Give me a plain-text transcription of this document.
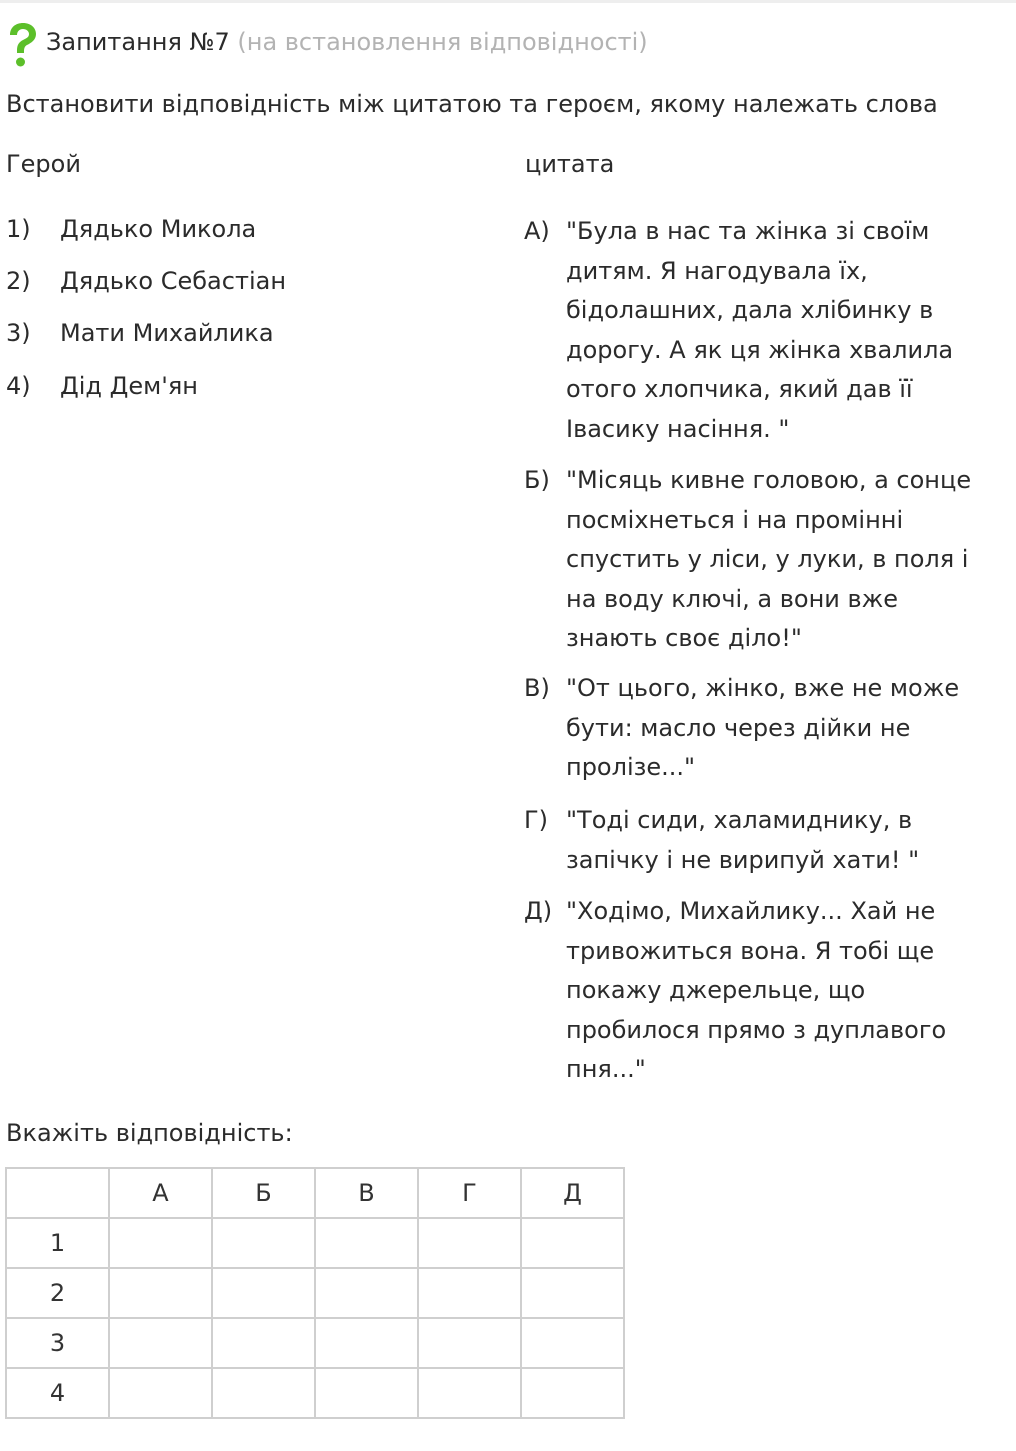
Запитання №7 (на встановлення відповідності)
Встановити відповідність між цитатою та героєм, якому належать слова
Герой	цитата
1) Дядько Микола
2) Дядько Себастіан
3) Мати Михайлика
4) Дід Дем'ян
А) "Була в нас та жінка зі своїм
дитям. Я нагодувала їх,
бідолашних, дала хлібинку в
дорогу. А як ця жінка хвалила
отого хлопчика, який дав її
Івасику насіння. "
Б) "Місяць кивне головою, а сонце
посміхнеться і на промінні
спустить у ліси, у луки, в поля і
на воду ключі, а вони вже
знають своє діло!"
В) "От цього, жінко, вже не може
бути: масло через дійки не
пролізе..."
Г) "Тоді сиди, халамиднику, в
запічку і не вирипуй хати! "
Д) "Ходімо, Михайлику... Хай не
тривожиться вона. Я тобі ще
покажу джерельце, що
пробилося прямо з дуплавого
пня..."
Вкажіть відповідність:
	А	Б	В	Г	Д
1					
2					
3					
4					
